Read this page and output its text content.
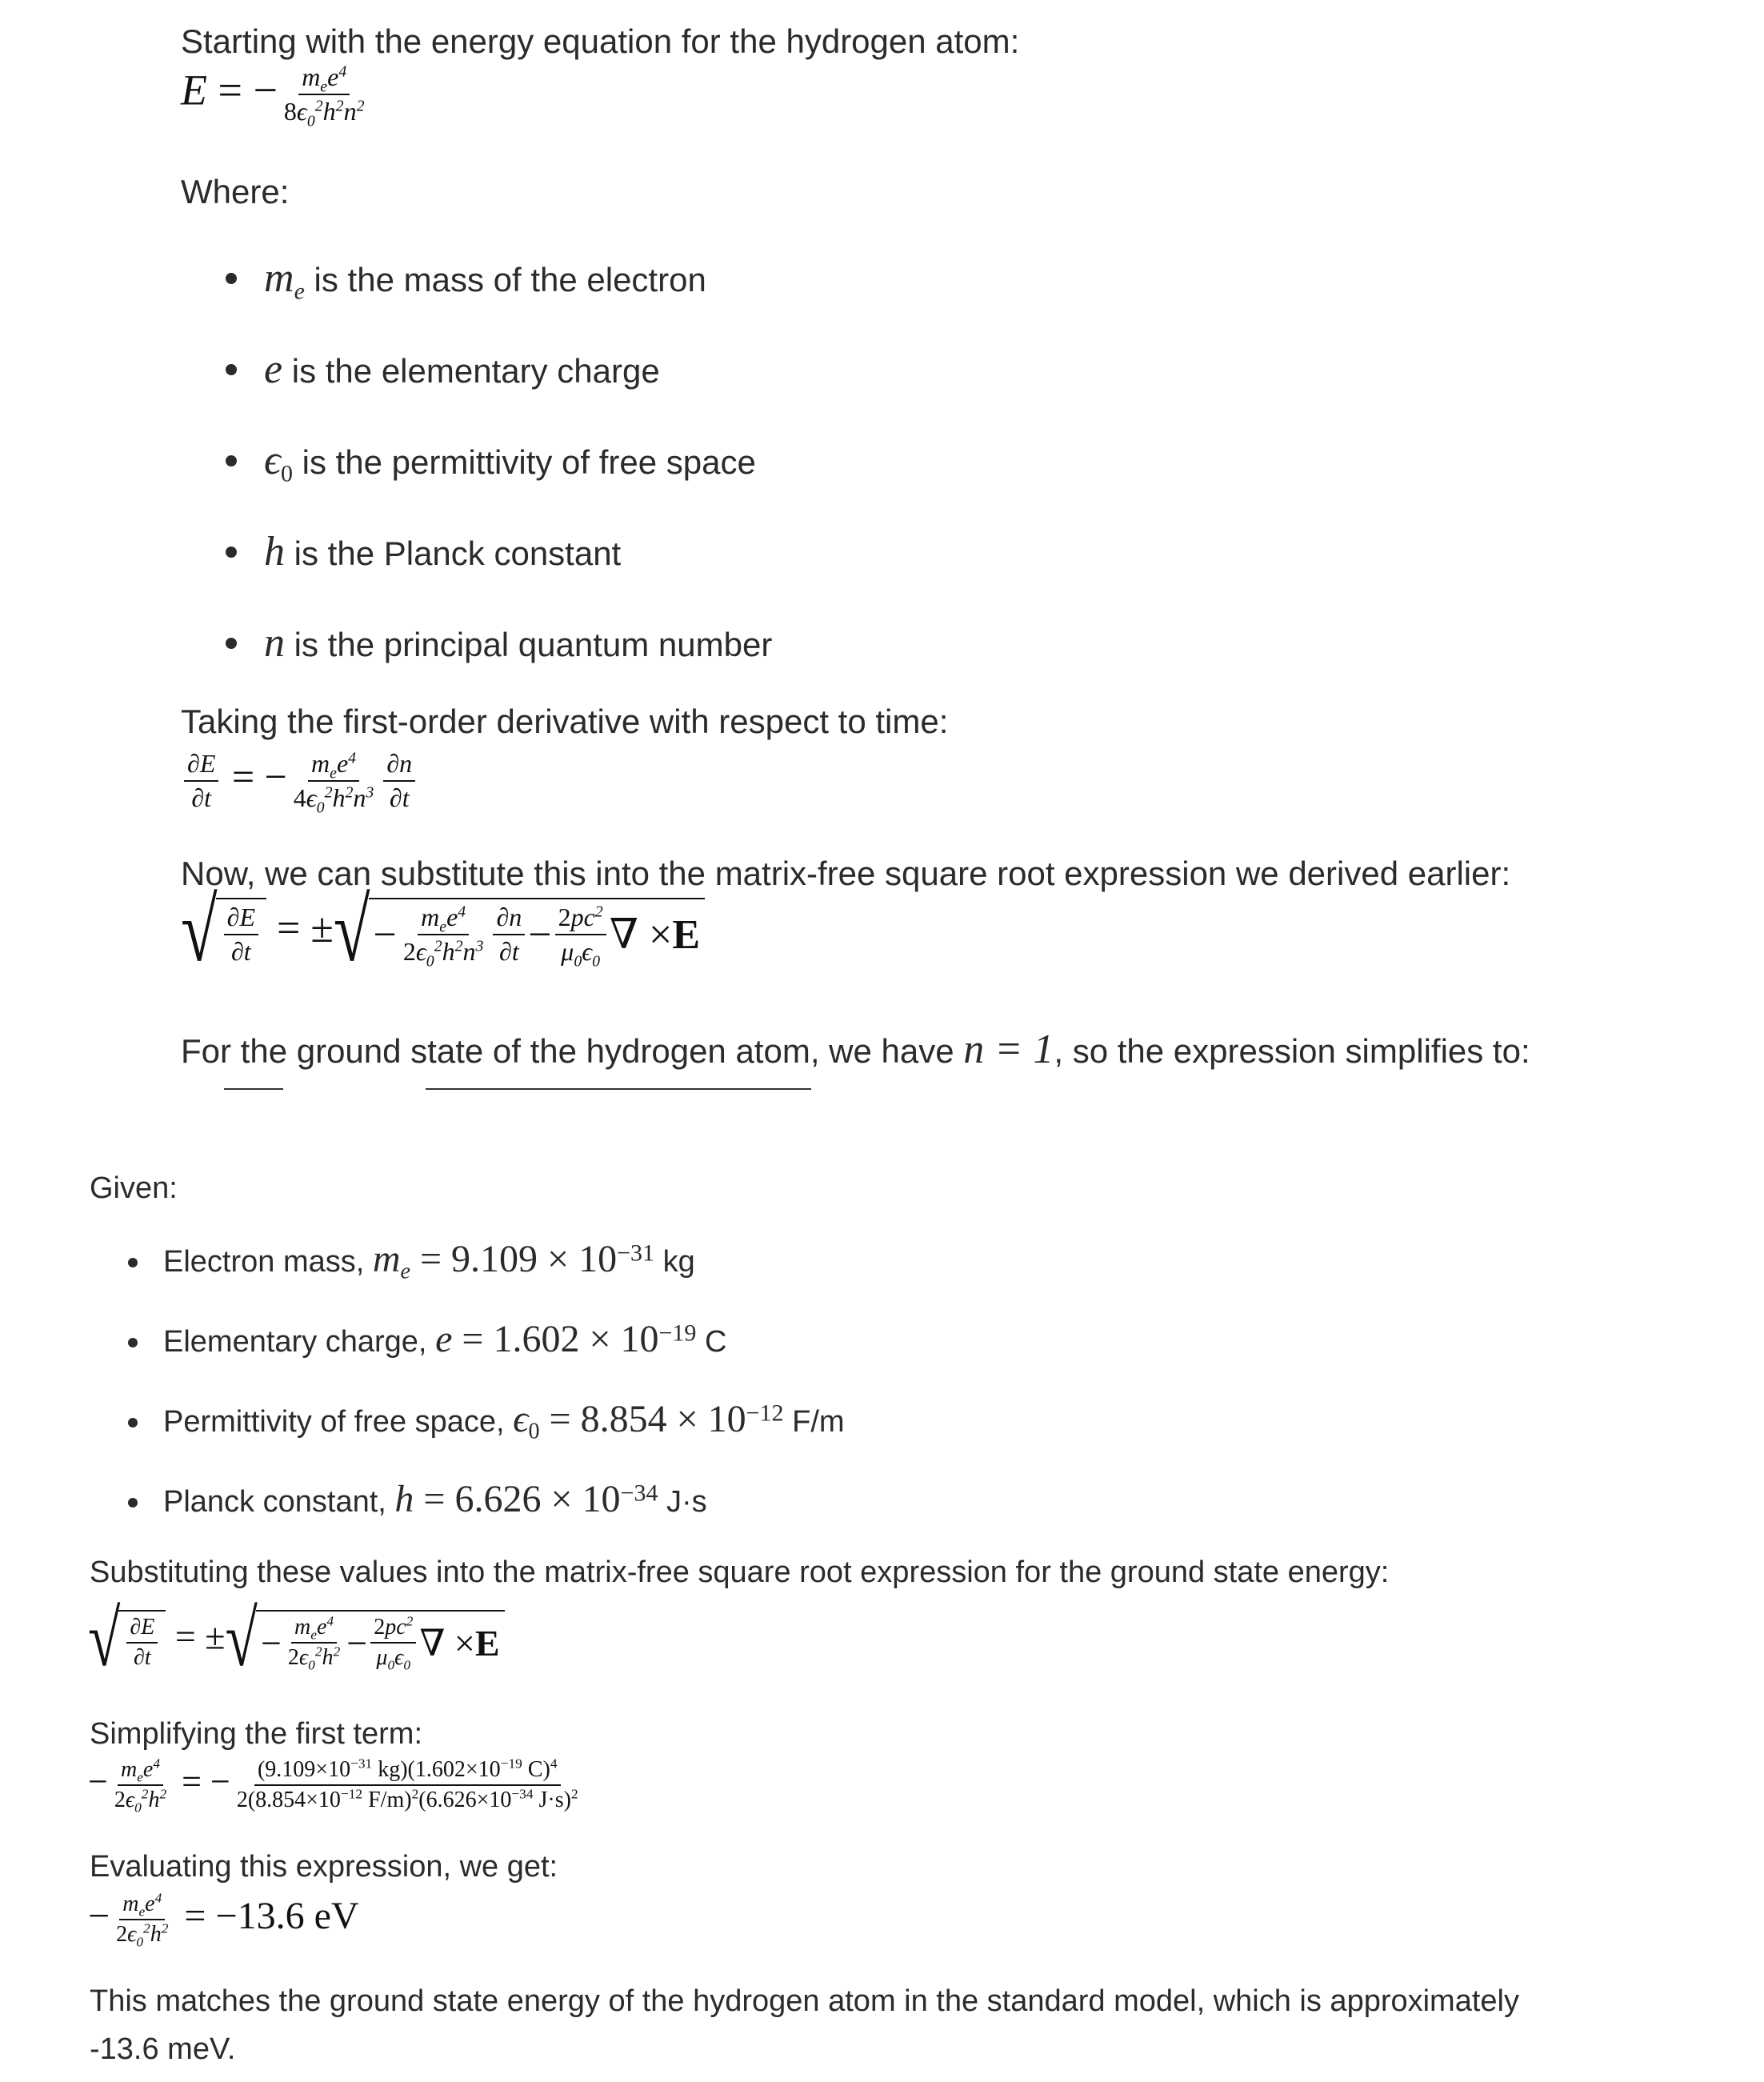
Starting with the energy equation for the hydrogen atom:
E = − $\frac{m_ee^4}{8\epsilon_0^2h^2n^2}$
Where:
$m_e$ is the mass of the electron
e is the elementary charge
$\epsilon_0$ is the permittivity of free space
h is the Planck constant
n is the principal quantum number
Taking the first-order derivative with respect to time:
$\frac{\partial E}{\partial t}$ = − $\frac{m_ee^4}{4\epsilon_0^2h^2n^3} \frac{\partial n}{\partial t}$
Now, we can substitute this into the matrix-free square root expression we derived earlier:
√ $\frac{\partial E}{\partial t}$ = ± √ − $\frac{m_ee^4}{2\epsilon_0^2h^2n^3} \frac{\partial n}{\partial t} - \frac{2pc^2}{\mu_0\epsilon_0}$ ∇ × E
For the ground state of the hydrogen atom, we have n = 1, so the expression simplifies to:
Given:
Electron mass, $m_e = 9.109 \times 10^{-31}$ kg
Elementary charge, $e = 1.602 \times 10^{-19}$ C
Permittivity of free space, $\epsilon_0 = 8.854 \times 10^{-12}$ F/m
Planck constant, $h = 6.626 \times 10^{-34}$ J·s
Substituting these values into the matrix-free square root expression for the ground state energy:
√ $\frac{\partial E}{\partial t}$ = ± √ − $\frac{m_ee^4}{2\epsilon_0^2h^2} - \frac{2pc^2}{\mu_0\epsilon_0}$ ∇ × E
Simplifying the first term:
− $\frac{m_ee^4}{2\epsilon_0^2h^2}$ = − $\frac{(9.109\times 10^{-31} kg)(1.602\times 10^{-19} C)^4}{2(8.854\times 10^{-12} F/m)^2(6.626\times 10^{-34} J\cdot s)^2}$
Evaluating this expression, we get:
− $\frac{m_ee^4}{2\epsilon_0^2h^2} = -13.6$ eV
This matches the ground state energy of the hydrogen atom in the standard model, which is approximately
-13.6 meV.
